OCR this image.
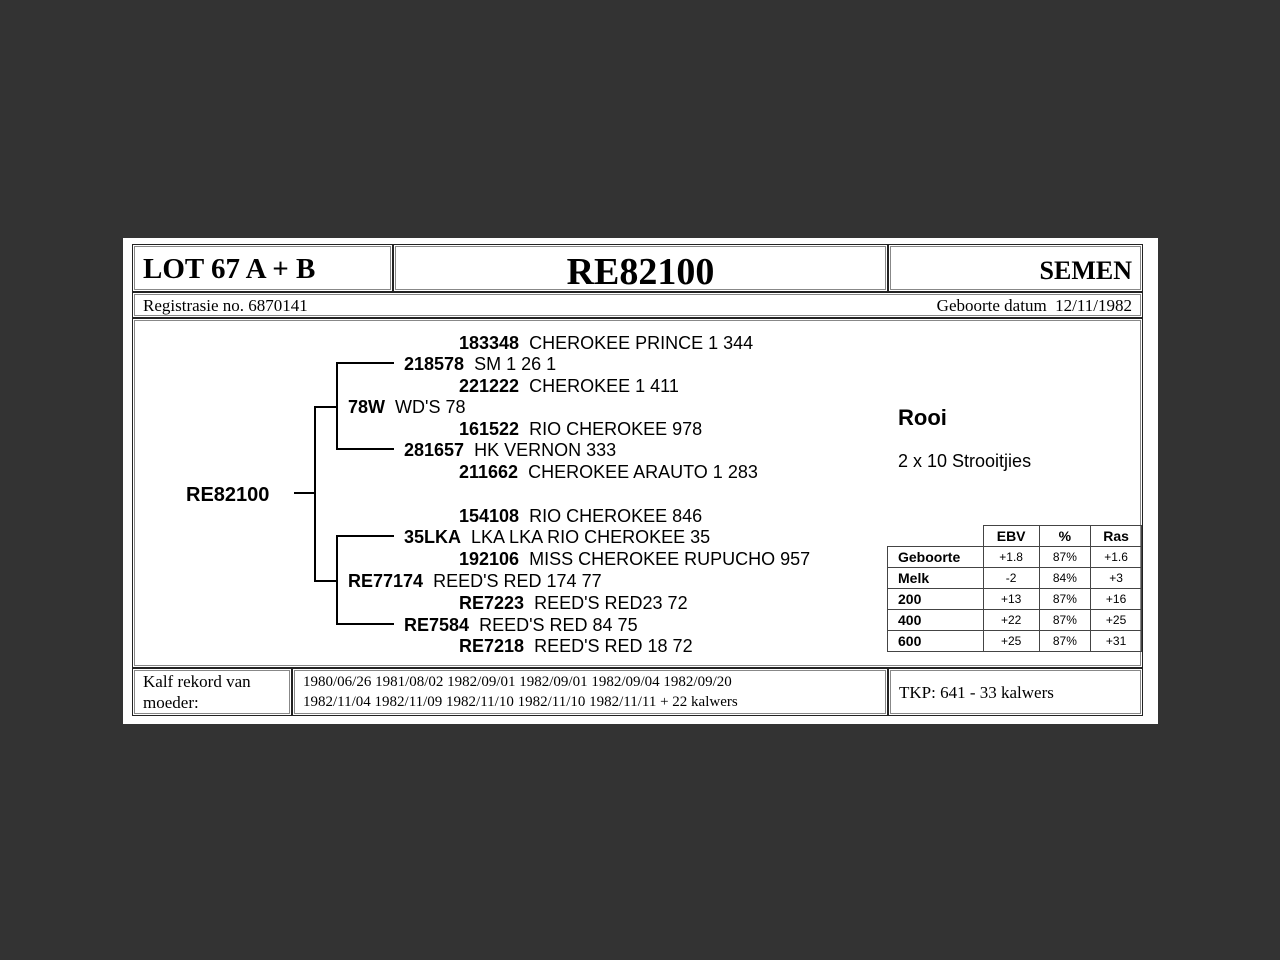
LOT 67 A + B	RE82100	SEMEN
Registrasie no. 6870141	Geboorte datum 12/11/1982
RE82100
78W WD'S 78
218578 SM 1 26 1
183348 CHEROKEE PRINCE 1 344
221222 CHEROKEE 1 411
281657 HK VERNON 333
161522 RIO CHEROKEE 978
211662 CHEROKEE ARAUTO 1 283
RE77174 REED'S RED 174 77
35LKA LKA LKA RIO CHEROKEE 35
154108 RIO CHEROKEE 846
192106 MISS CHEROKEE RUPUCHO 957
RE7584 REED'S RED 84 75
RE7223 REED'S RED23 72
RE7218 REED'S RED 18 72
Rooi
2 x 10 Strooitjies
	EBV	%	Ras
Geboorte	+1.8	87%	+1.6
Melk	-2	84%	+3
200	+13	87%	+16
400	+22	87%	+25
600	+25	87%	+31
Kalf rekord van
moeder:
1980/06/26 1981/08/02 1982/09/01 1982/09/01 1982/09/04 1982/09/20
1982/11/04 1982/11/09 1982/11/10 1982/11/10 1982/11/11 + 22 kalwers	TKP: 641 - 33 kalwers
